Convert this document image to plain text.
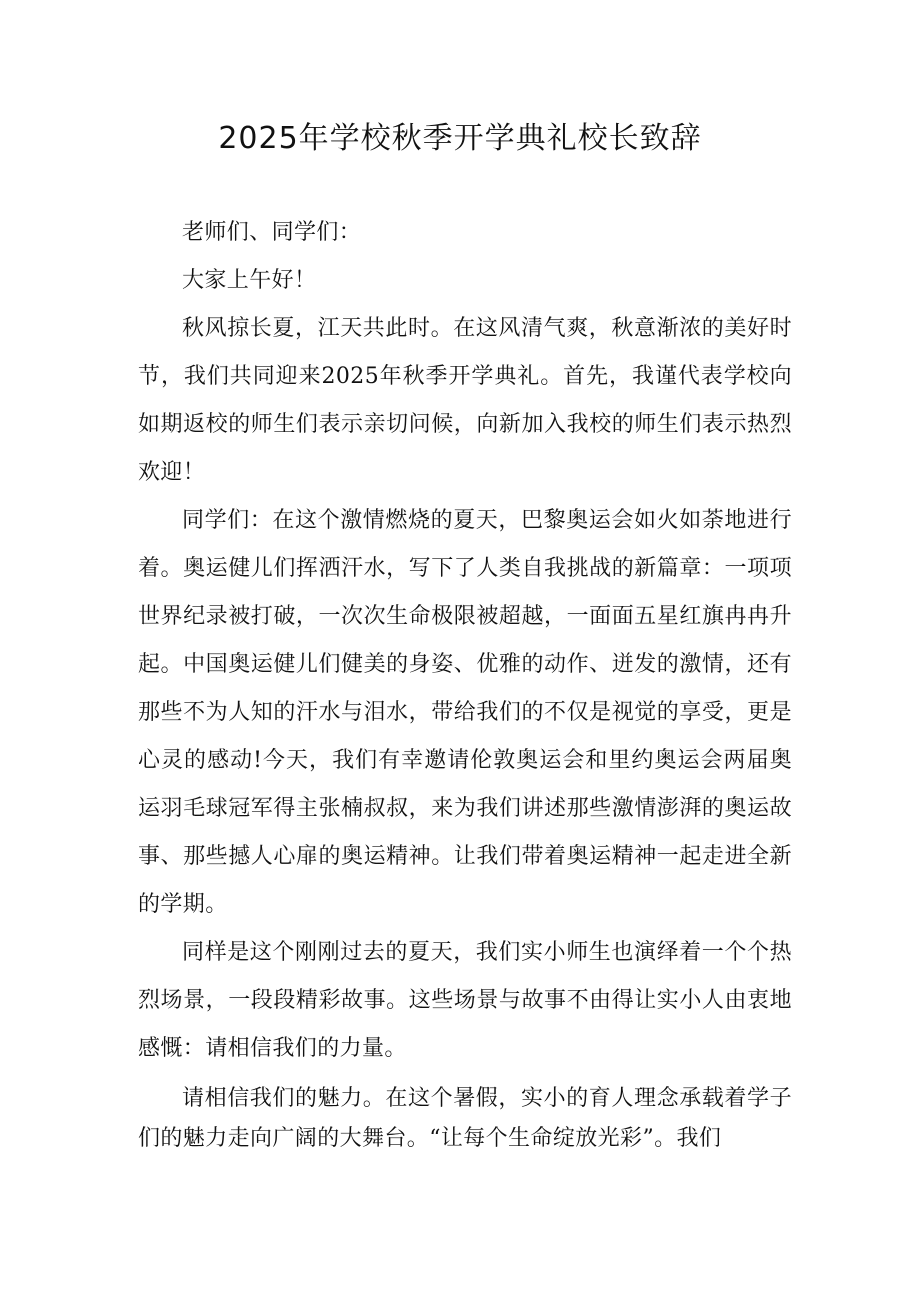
2025年学校秋季开学典礼校长致辞

老师们、同学们：

大家上午好！

秋风掠长夏，江天共此时。在这风清气爽，秋意渐浓的美好时节，我们共同迎来2025年秋季开学典礼。首先，我谨代表学校向如期返校的师生们表示亲切问候，向新加入我校的师生们表示热烈欢迎！

同学们：在这个激情燃烧的夏天，巴黎奥运会如火如荼地进行着。奥运健儿们挥洒汗水，写下了人类自我挑战的新篇章：一项项世界纪录被打破，一次次生命极限被超越，一面面五星红旗冉冉升起。中国奥运健儿们健美的身姿、优雅的动作、迸发的激情，还有那些不为人知的汗水与泪水，带给我们的不仅是视觉的享受，更是心灵的感动!今天，我们有幸邀请伦敦奥运会和里约奥运会两届奥运羽毛球冠军得主张楠叔叔，来为我们讲述那些激情澎湃的奥运故事、那些撼人心扉的奥运精神。让我们带着奥运精神一起走进全新的学期。

同样是这个刚刚过去的夏天，我们实小师生也演绎着一个个热烈场景，一段段精彩故事。这些场景与故事不由得让实小人由衷地感慨：请相信我们的力量。

请相信我们的魅力。在这个暑假，实小的育人理念承载着学子们的魅力走向广阔的大舞台。“让每个生命绽放光彩”。我们
